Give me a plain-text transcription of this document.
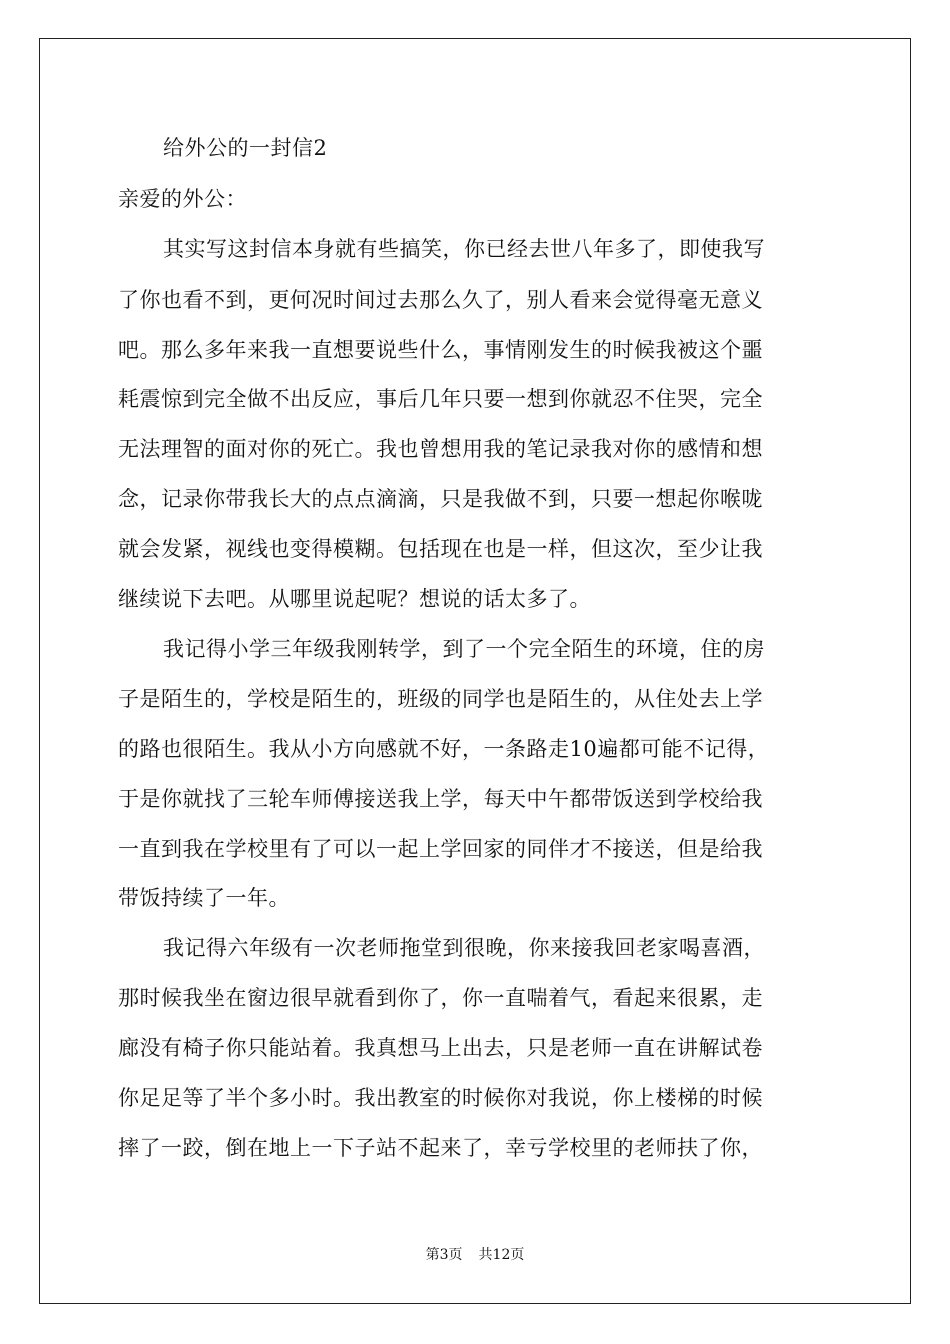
给外公的一封信2

亲爱的外公：

其实写这封信本身就有些搞笑，你已经去世八年多了，即使我写

了你也看不到，更何况时间过去那么久了，别人看来会觉得毫无意义

吧。那么多年来我一直想要说些什么，事情刚发生的时候我被这个噩

耗震惊到完全做不出反应，事后几年只要一想到你就忍不住哭，完全

无法理智的面对你的死亡。我也曾想用我的笔记录我对你的感情和想

念，记录你带我长大的点点滴滴，只是我做不到，只要一想起你喉咙

就会发紧，视线也变得模糊。包括现在也是一样，但这次，至少让我

继续说下去吧。从哪里说起呢？想说的话太多了。

我记得小学三年级我刚转学，到了一个完全陌生的环境，住的房

子是陌生的，学校是陌生的，班级的同学也是陌生的，从住处去上学

的路也很陌生。我从小方向感就不好，一条路走10遍都可能不记得，

于是你就找了三轮车师傅接送我上学，每天中午都带饭送到学校给我

一直到我在学校里有了可以一起上学回家的同伴才不接送，但是给我

带饭持续了一年。

我记得六年级有一次老师拖堂到很晚，你来接我回老家喝喜酒，

那时候我坐在窗边很早就看到你了，你一直喘着气，看起来很累，走

廊没有椅子你只能站着。我真想马上出去，只是老师一直在讲解试卷

你足足等了半个多小时。我出教室的时候你对我说，你上楼梯的时候

摔了一跤，倒在地上一下子站不起来了，幸亏学校里的老师扶了你，

第3页 共12页
